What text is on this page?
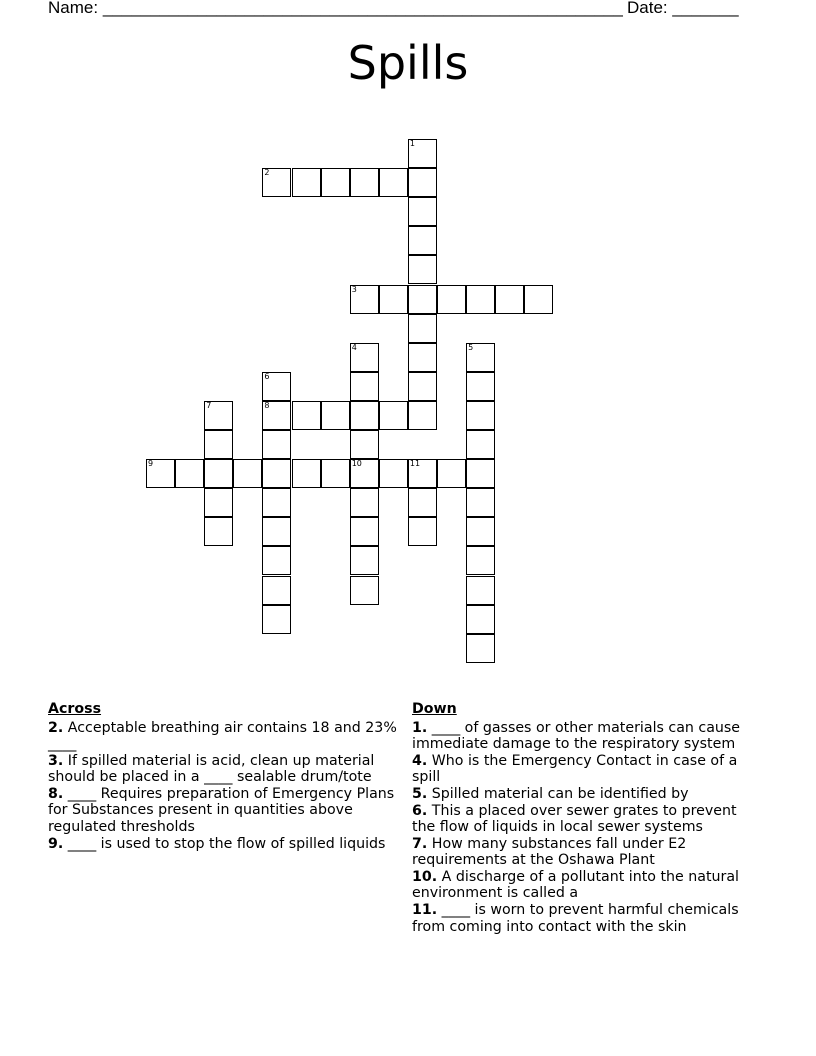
Name: _______________________________________________________ Date: _______
Spills
1
2
3
4
10
5
6
8
7
9	11
Across
2. Acceptable breathing air contains 18 and 23% ____
3. If spilled material is acid, clean up material should be placed in a ____ sealable drum/tote
8. ____ Requires preparation of Emergency Plans for Substances present in quantities above regulated thresholds
9. ____ is used to stop the flow of spilled liquids
Down
1. ____ of gasses or other materials can cause immediate damage to the respiratory system
4. Who is the Emergency Contact in case of a spill
5. Spilled material can be identified by
6. This a placed over sewer grates to prevent the flow of liquids in local sewer systems
7. How many substances fall under E2 requirements at the Oshawa Plant
10. A discharge of a pollutant into the natural environment is called a
11. ____ is worn to prevent harmful chemicals from coming into contact with the skin
